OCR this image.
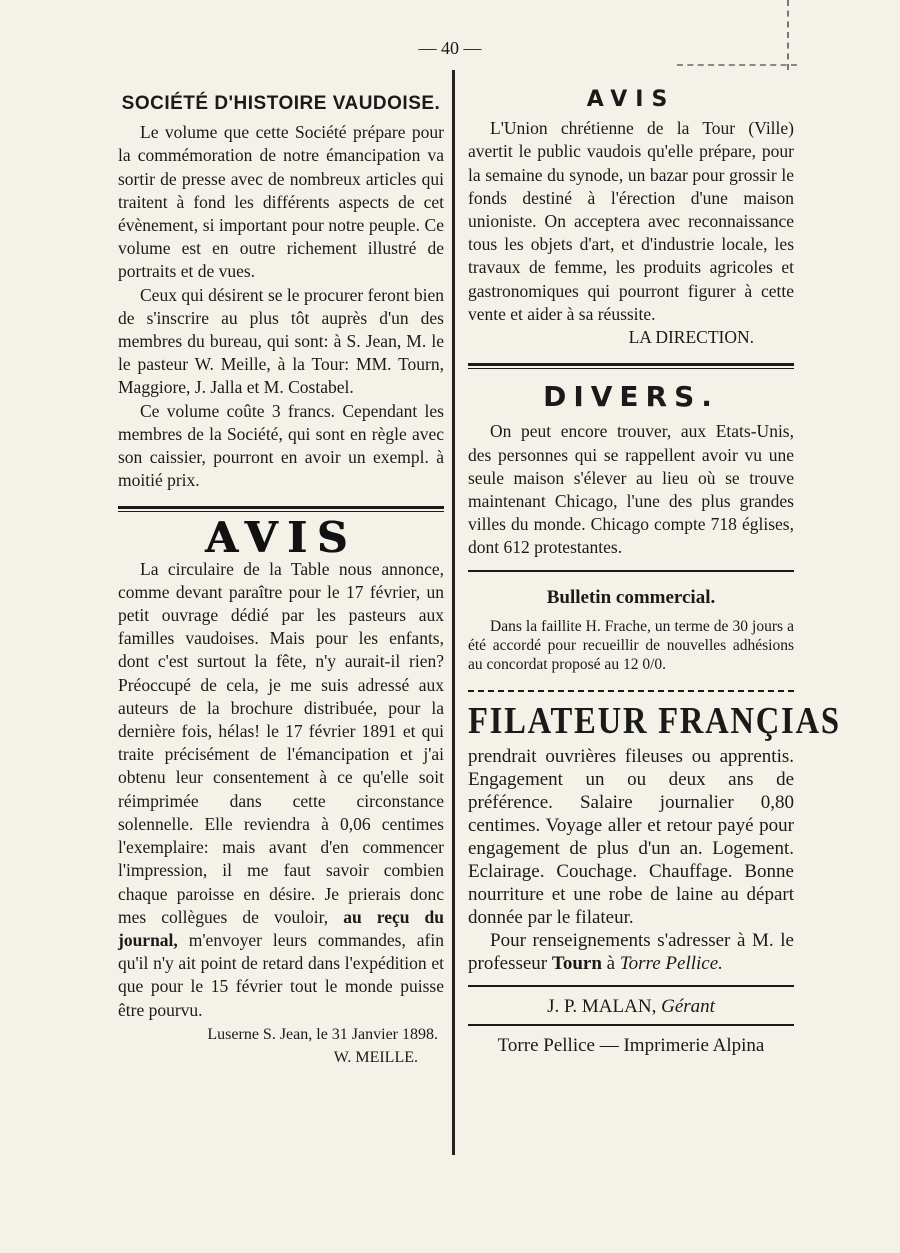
— 40 —
SOCIÉTÉ D'HISTOIRE VAUDOISE.

Le volume que cette Société prépare pour la commémoration de notre émancipation va sortir de presse avec de nombreux articles qui traitent à fond les différents aspects de cet évènement, si important pour notre peuple. Ce volume est en outre richement illustré de portraits et de vues.

Ceux qui désirent se le procurer feront bien de s'inscrire au plus tôt auprès d'un des membres du bureau, qui sont: à S. Jean, M. le le pasteur W. Meille, à la Tour: MM. Tourn, Maggiore, J. Jalla et M. Costabel.

Ce volume coûte 3 francs. Cependant les membres de la Société, qui sont en règle avec son caissier, pourront en avoir un exempl. à moitié prix.

AVIS

La circulaire de la Table nous annonce, comme devant paraître pour le 17 février, un petit ouvrage dédié par les pasteurs aux familles vaudoises. Mais pour les enfants, dont c'est surtout la fête, n'y aurait-il rien? Préoccupé de cela, je me suis adressé aux auteurs de la brochure distribuée, pour la dernière fois, hélas! le 17 février 1891 et qui traite précisément de l'émancipation et j'ai obtenu leur consentement à ce qu'elle soit réimprimée dans cette circonstance solennelle. Elle reviendra à 0,06 centimes l'exemplaire: mais avant d'en commencer l'impression, il me faut savoir combien chaque paroisse en désire. Je prierais donc mes collègues de vouloir, au reçu du journal, m'envoyer leurs commandes, afin qu'il n'y ait point de retard dans l'expédition et que pour le 15 février tout le monde puisse être pourvu.

Luserne S. Jean, le 31 Janvier 1898.
W. MEILLE.
AVIS

L'Union chrétienne de la Tour (Ville) avertit le public vaudois qu'elle prépare, pour la semaine du synode, un bazar pour grossir le fonds destiné à l'érection d'une maison unioniste. On acceptera avec reconnaissance tous les objets d'art, et d'industrie locale, les travaux de femme, les produits agricoles et gastronomiques qui pourront figurer à cette vente et aider à sa réussite.

LA DIRECTION.
DIVERS.

On peut encore trouver, aux Etats-Unis, des personnes qui se rappellent avoir vu une seule maison s'élever au lieu où se trouve maintenant Chicago, l'une des plus grandes villes du monde. Chicago compte 718 églises, dont 612 protestantes.

Bulletin commercial.

Dans la faillite H. Frache, un terme de 30 jours a été accordé pour recueillir de nouvelles adhésions au concordat proposé au 12 0/0.

FILATEUR FRANÇIAS

prendrait ouvrières fileuses ou apprentis. Engagement un ou deux ans de préférence. Salaire journalier 0,80 centimes. Voyage aller et retour payé pour engagement de plus d'un an. Logement. Eclairage. Couchage. Chauffage. Bonne nourriture et une robe de laine au départ donnée par le filateur.

Pour renseignements s'adresser à M. le professeur Tourn à Torre Pellice.

J. P. MALAN, Gérant
Torre Pellice — Imprimerie Alpina
